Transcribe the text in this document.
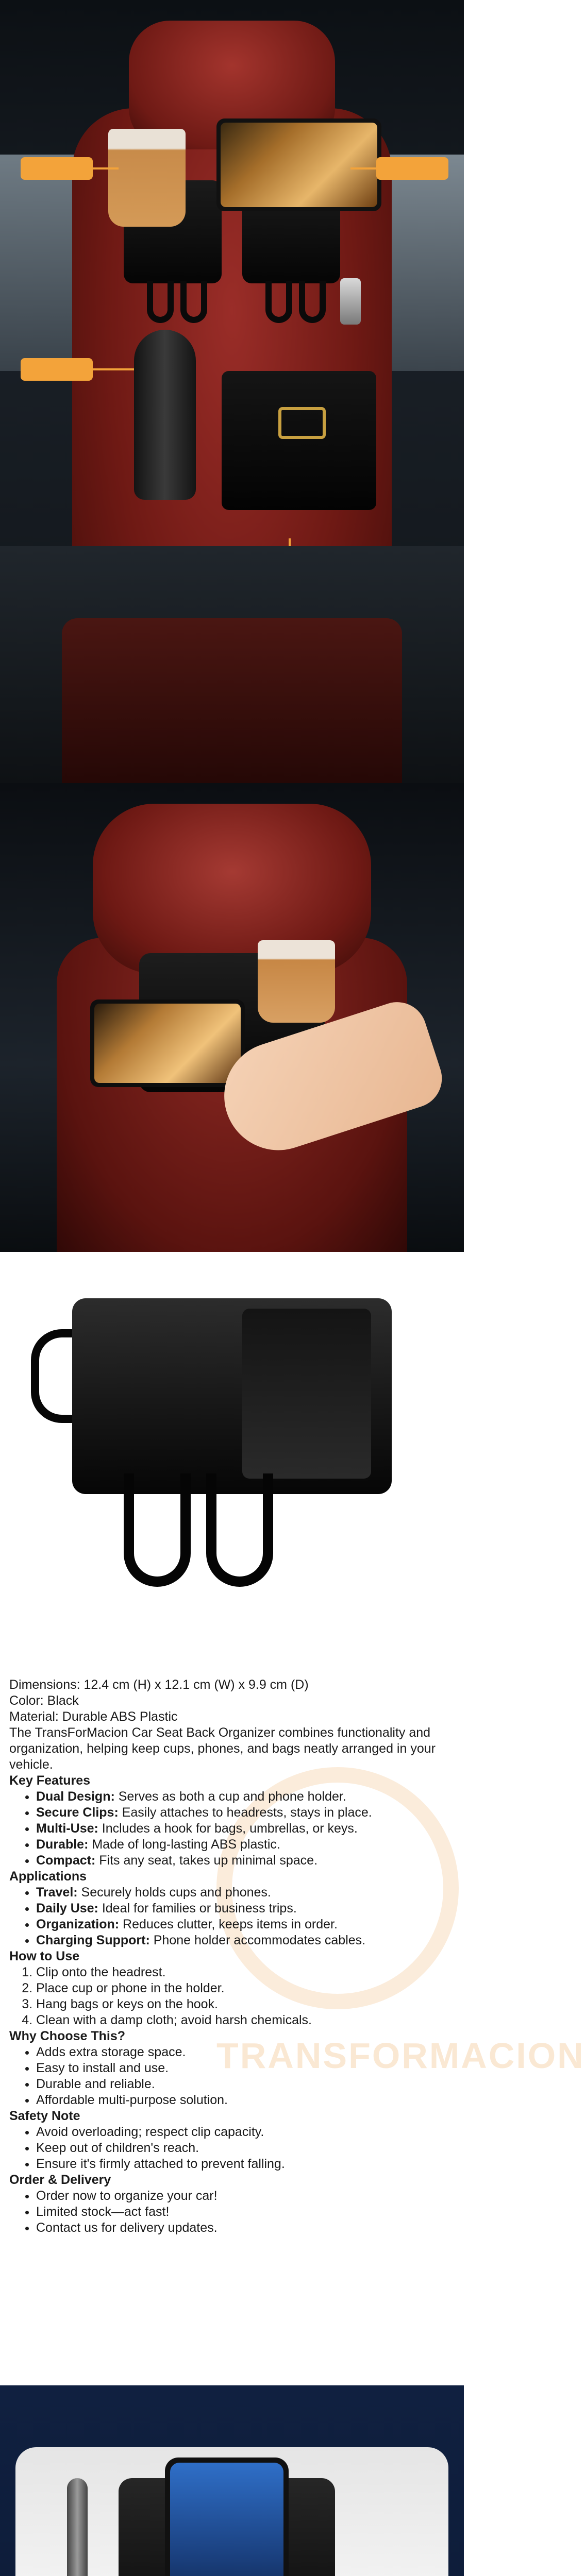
TRANSFORMACION

Dimensions: 12.4 cm (H) x 12.1 cm (W) x 9.9 cm (D)

Color: Black

Material: Durable ABS Plastic

The TransForMacion Car Seat Back Organizer combines functionality and organization, helping keep cups, phones, and bags neatly arranged in your vehicle.

Key Features

• Dual Design: Serves as both a cup and phone holder.
• Secure Clips: Easily attaches to headrests, stays in place.
• Multi-Use: Includes a hook for bags, umbrellas, or keys.
• Durable: Made of long-lasting ABS plastic.
• Compact: Fits any seat, takes up minimal space.

Applications

• Travel: Securely holds cups and phones.
• Daily Use: Ideal for families or business trips.
• Organization: Reduces clutter, keeps items in order.
• Charging Support: Phone holder accommodates cables.

How to Use

1. Clip onto the headrest.
2. Place cup or phone in the holder.
3. Hang bags or keys on the hook.
4. Clean with a damp cloth; avoid harsh chemicals.

Why Choose This?

• Adds extra storage space.
• Easy to install and use.
• Durable and reliable.
• Affordable multi-purpose solution.

Safety Note

• Avoid overloading; respect clip capacity.
• Keep out of children's reach.
• Ensure it's firmly attached to prevent falling.

Order & Delivery

• Order now to organize your car!
• Limited stock—act fast!
• Contact us for delivery updates.
